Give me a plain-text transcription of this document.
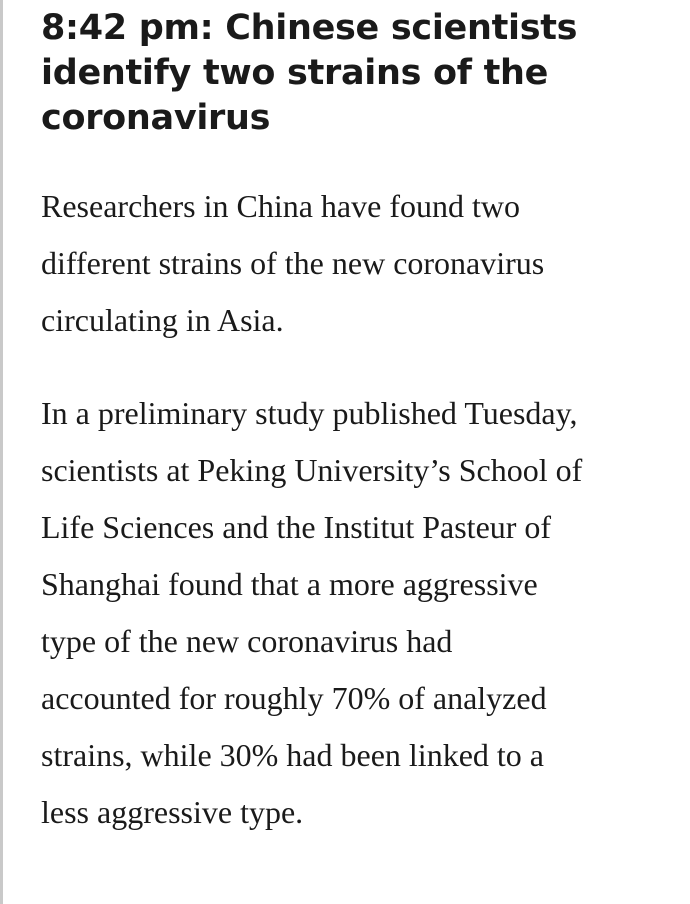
8:42 pm: Chinese scientists identify two strains of the coronavirus

Researchers in China have found two different strains of the new coronavirus circulating in Asia.

In a preliminary study published Tuesday, scientists at Peking University’s School of Life Sciences and the Institut Pasteur of Shanghai found that a more aggressive type of the new coronavirus had accounted for roughly 70% of analyzed strains, while 30% had been linked to a less aggressive type.
